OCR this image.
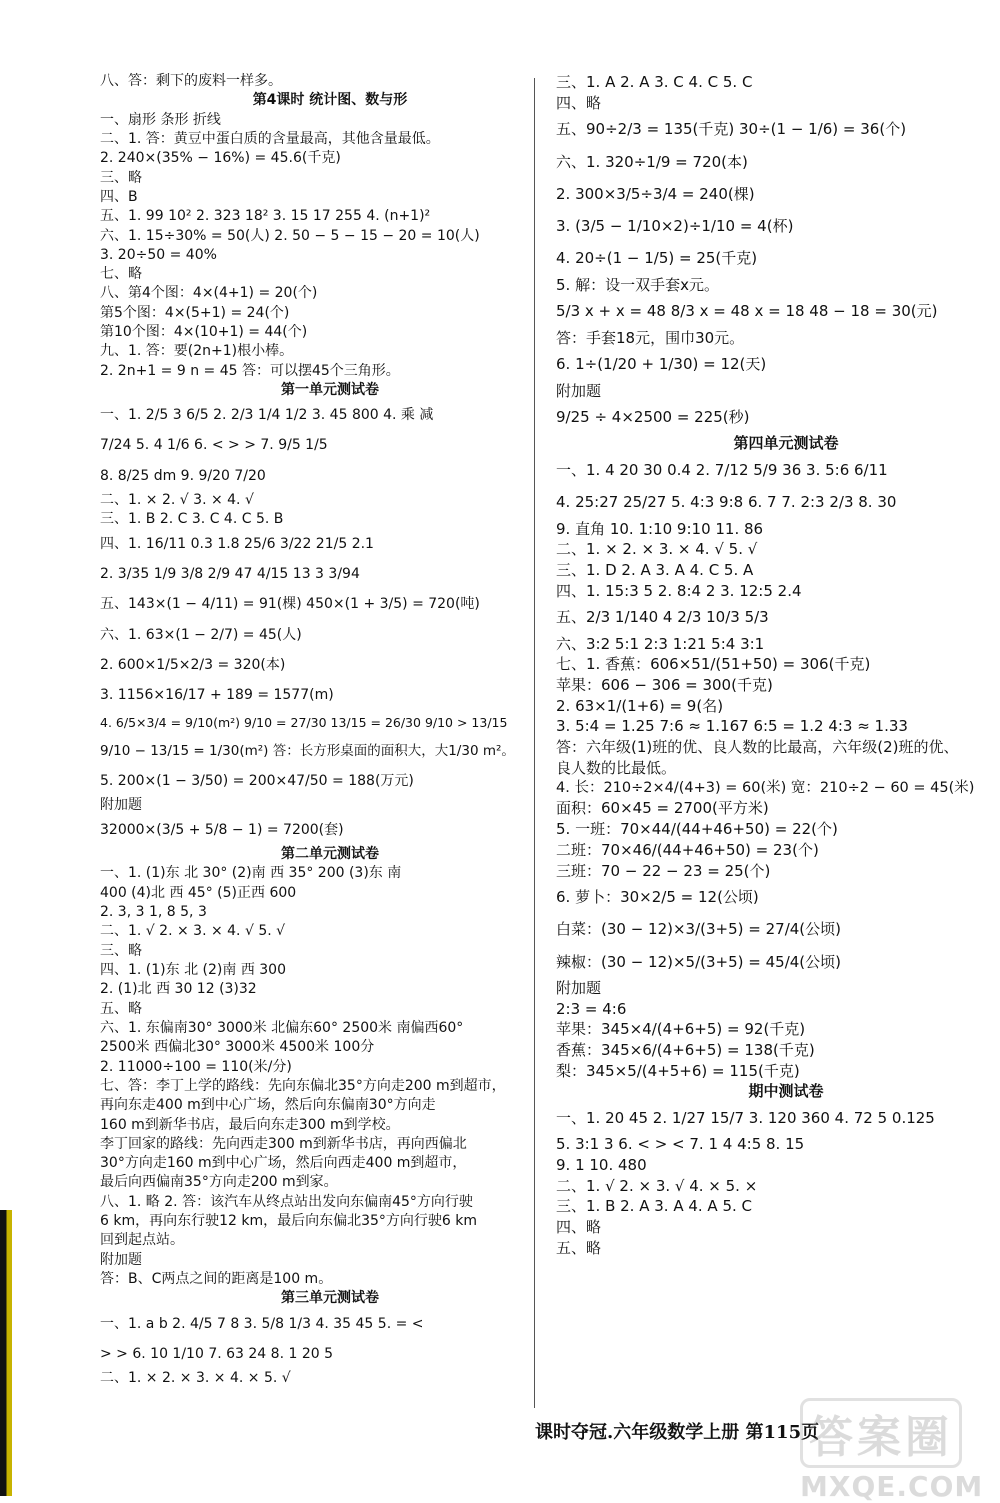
八、答：剩下的废料一样多。
第4课时 统计图、数与形
一、扇形 条形 折线
二、1. 答：黄豆中蛋白质的含量最高，其他含量最低。
2. 240×(35% − 16%) = 45.6(千克)
三、略
四、B
五、1. 99 10² 2. 323 18² 3. 15 17 255 4. (n+1)²
六、1. 15÷30% = 50(人) 2. 50 − 5 − 15 − 20 = 10(人)
3. 20÷50 = 40%
七、略
八、第4个图：4×(4+1) = 20(个)
第5个图：4×(5+1) = 24(个)
第10个图：4×(10+1) = 44(个)
九、1. 答：要(2n+1)根小棒。
2. 2n+1 = 9 n = 45 答：可以摆45个三角形。
第一单元测试卷
一、1. 2/5 3 6/5 2. 2/3 1/4 1/2 3. 45 800 4. 乘 减
7/24 5. 4 1/6 6. < > > 7. 9/5 1/5
8. 8/25 dm 9. 9/20 7/20
二、1. × 2. √ 3. × 4. √
三、1. B 2. C 3. C 4. C 5. B
四、1. 16/11 0.3 1.8 25/6 3/22 21/5 2.1
2. 3/35 1/9 3/8 2/9 47 4/15 13 3 3/94
五、143×(1 − 4/11) = 91(棵) 450×(1 + 3/5) = 720(吨)
六、1. 63×(1 − 2/7) = 45(人)
2. 600×1/5×2/3 = 320(本)
3. 1156×16/17 + 189 = 1577(m)
4. 6/5×3/4 = 9/10(m²) 9/10 = 27/30 13/15 = 26/30 9/10 > 13/15
9/10 − 13/15 = 1/30(m²) 答：长方形桌面的面积大，大1/30 m²。
5. 200×(1 − 3/50) = 200×47/50 = 188(万元)
附加题
32000×(3/5 + 5/8 − 1) = 7200(套)
第二单元测试卷
一、1. (1)东 北 30° (2)南 西 35° 200 (3)东 南
400 (4)北 西 45° (5)正西 600
2. 3, 3 1, 8 5, 3
二、1. √ 2. × 3. × 4. √ 5. √
三、略
四、1. (1)东 北 (2)南 西 300
2. (1)北 西 30 12 (3)32
五、略
六、1. 东偏南30° 3000米 北偏东60° 2500米 南偏西60°
2500米 西偏北30° 3000米 4500米 100分
2. 11000÷100 = 110(米/分)
七、答：李丁上学的路线：先向东偏北35°方向走200 m到超市，
再向东走400 m到中心广场，然后向东偏南30°方向走
160 m到新华书店，最后向东走300 m到学校。
李丁回家的路线：先向西走300 m到新华书店，再向西偏北
30°方向走160 m到中心广场，然后向西走400 m到超市，
最后向西偏南35°方向走200 m到家。
八、1. 略 2. 答：该汽车从终点站出发向东偏南45°方向行驶
6 km，再向东行驶12 km，最后向东偏北35°方向行驶6 km
回到起点站。
附加题
答：B、C两点之间的距离是100 m。
第三单元测试卷
一、1. a b 2. 4/5 7 8 3. 5/8 1/3 4. 35 45 5. = <
> > 6. 10 1/10 7. 63 24 8. 1 20 5
二、1. × 2. × 3. × 4. × 5. √
三、1. A 2. A 3. C 4. C 5. C
四、略
五、90÷2/3 = 135(千克) 30÷(1 − 1/6) = 36(个)
六、1. 320÷1/9 = 720(本)
2. 300×3/5÷3/4 = 240(棵)
3. (3/5 − 1/10×2)÷1/10 = 4(杯)
4. 20÷(1 − 1/5) = 25(千克)
5. 解：设一双手套x元。
5/3 x + x = 48 8/3 x = 48 x = 18 48 − 18 = 30(元)
答：手套18元，围巾30元。
6. 1÷(1/20 + 1/30) = 12(天)
附加题
9/25 ÷ 4×2500 = 225(秒)
第四单元测试卷
一、1. 4 20 30 0.4 2. 7/12 5/9 36 3. 5:6 6/11
4. 25:27 25/27 5. 4:3 9:8 6. 7 7. 2:3 2/3 8. 30
9. 直角 10. 1:10 9:10 11. 86
二、1. × 2. × 3. × 4. √ 5. √
三、1. D 2. A 3. A 4. C 5. A
四、1. 15:3 5 2. 8:4 2 3. 12:5 2.4
五、2/3 1/140 4 2/3 10/3 5/3
六、3:2 5:1 2:3 1:21 5:4 3:1
七、1. 香蕉：606×51/(51+50) = 306(千克)
苹果：606 − 306 = 300(千克)
2. 63×1/(1+6) = 9(名)
3. 5:4 = 1.25 7:6 ≈ 1.167 6:5 = 1.2 4:3 ≈ 1.33
答：六年级(1)班的优、良人数的比最高，六年级(2)班的优、
良人数的比最低。
4. 长：210÷2×4/(4+3) = 60(米) 宽：210÷2 − 60 = 45(米)
面积：60×45 = 2700(平方米)
5. 一班：70×44/(44+46+50) = 22(个)
二班：70×46/(44+46+50) = 23(个)
三班：70 − 22 − 23 = 25(个)
6. 萝卜：30×2/5 = 12(公顷)
白菜：(30 − 12)×3/(3+5) = 27/4(公顷)
辣椒：(30 − 12)×5/(3+5) = 45/4(公顷)
附加题
2:3 = 4:6
苹果：345×4/(4+6+5) = 92(千克)
香蕉：345×6/(4+6+5) = 138(千克)
梨：345×5/(4+5+6) = 115(千克)
期中测试卷
一、1. 20 45 2. 1/27 15/7 3. 120 360 4. 72 5 0.125
5. 3:1 3 6. < > < 7. 1 4 4:5 8. 15
9. 1 10. 480
二、1. √ 2. × 3. √ 4. × 5. ×
三、1. B 2. A 3. A 4. A 5. C
四、略
五、略
课时夺冠.六年级数学上册 第115页
答案圈
MXQE.COM
